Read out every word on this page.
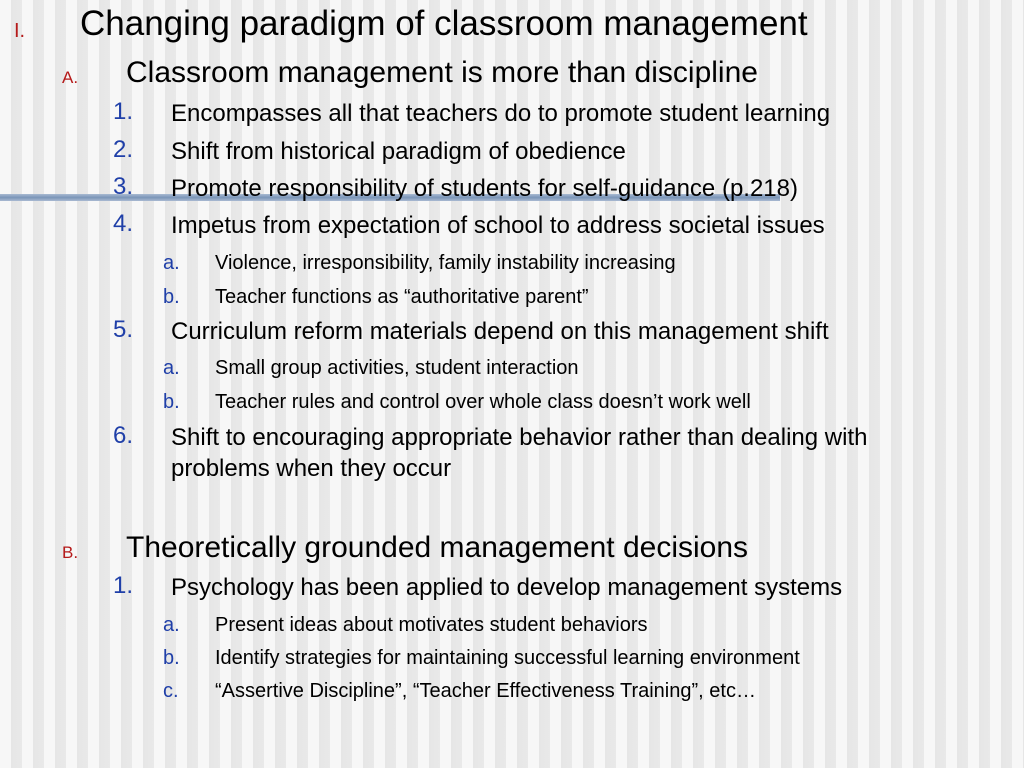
I. Changing paradigm of classroom management
A. Classroom management is more than discipline
1. Encompasses all that teachers do to promote student learning
2. Shift from historical paradigm of obedience
3. Promote responsibility of students for self-guidance (p.218)
4. Impetus from expectation of school to address societal issues
a. Violence, irresponsibility, family instability increasing
b. Teacher functions as “authoritative parent”
5. Curriculum reform materials depend on this management shift
a. Small group activities, student interaction
b. Teacher rules and control over whole class doesn’t work well
6. Shift to encouraging appropriate behavior rather than dealing with
problems when they occur
B. Theoretically grounded management decisions
1. Psychology has been applied to develop management systems
a. Present ideas about motivates student behaviors
b. Identify strategies for maintaining successful learning environment
c. “Assertive Discipline”, “Teacher Effectiveness Training”, etc…
